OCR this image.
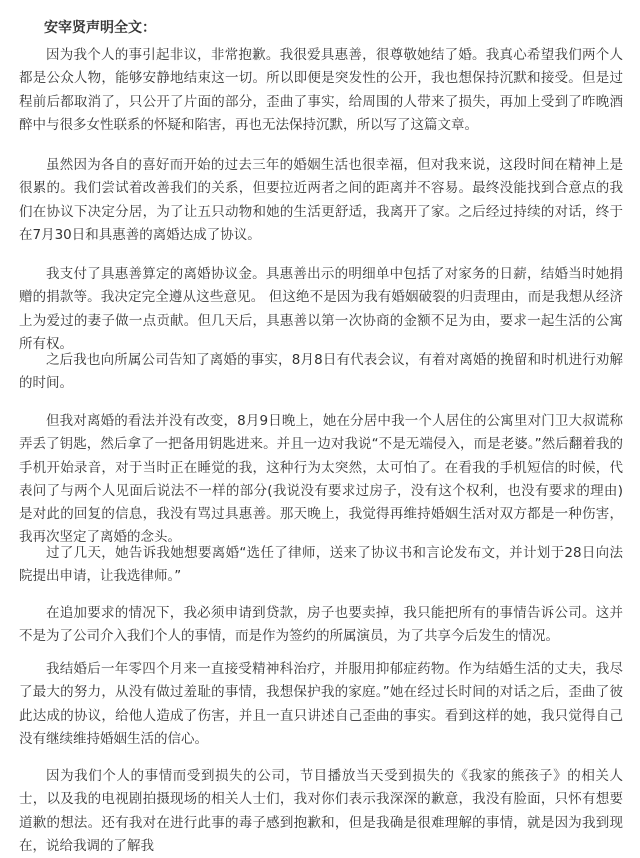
安宰贤声明全文：

因为我个人的事引起非议，非常抱歉。我很爱具惠善，很尊敬她结了婚。我真心希望我们两个人都是公众人物，能够安静地结束这一切。所以即便是突发性的公开，我也想保持沉默和接受。但是过程前后都取消了，只公开了片面的部分，歪曲了事实，给周围的人带来了损失，再加上受到了昨晚酒醉中与很多女性联系的怀疑和陷害，再也无法保持沉默，所以写了这篇文章。

虽然因为各自的喜好而开始的过去三年的婚姻生活也很幸福，但对我来说，这段时间在精神上是很累的。我们尝试着改善我们的关系，但要拉近两者之间的距离并不容易。最终没能找到合意点的我们在协议下决定分居，为了让五只动物和她的生活更舒适，我离开了家。之后经过持续的对话，终于在7月30日和具惠善的离婚达成了协议。

我支付了具惠善算定的离婚协议金。具惠善出示的明细单中包括了对家务的日薪，结婚当时她捐赠的捐款等。我决定完全遵从这些意见。 但这绝不是因为我有婚姻破裂的归责理由，而是我想从经济上为爱过的妻子做一点贡献。但几天后，具惠善以第一次协商的金额不足为由，要求一起生活的公寓所有权。

之后我也向所属公司告知了离婚的事实，8月8日有代表会议，有着对离婚的挽留和时机进行劝解的时间。

但我对离婚的看法并没有改变，8月9日晚上，她在分居中我一个人居住的公寓里对门卫大叔谎称弄丢了钥匙，然后拿了一把备用钥匙进来。并且一边对我说“不是无端侵入，而是老婆。”然后翻着我的手机开始录音，对于当时正在睡觉的我，这种行为太突然，太可怕了。在看我的手机短信的时候，代表问了与两个人见面后说法不一样的部分(我说没有要求过房子，没有这个权利，也没有要求的理由)是对此的回复的信息，我没有骂过具惠善。那天晚上，我觉得再维持婚姻生活对双方都是一种伤害，我再次坚定了离婚的念头。

过了几天，她告诉我她想要离婚“选任了律师，送来了协议书和言论发布文，并计划于28日向法院提出申请，让我选律师。”

在追加要求的情况下，我必须申请到贷款，房子也要卖掉，我只能把所有的事情告诉公司。这并不是为了公司介入我们个人的事情，而是作为签约的所属演员，为了共享今后发生的情况。

我结婚后一年零四个月来一直接受精神科治疗，并服用抑郁症药物。作为结婚生活的丈夫，我尽了最大的努力，从没有做过羞耻的事情，我想保护我的家庭。”她在经过长时间的对话之后，歪曲了彼此达成的协议，给他人造成了伤害，并且一直只讲述自己歪曲的事实。看到这样的她，我只觉得自己没有继续维持婚姻生活的信心。

因为我们个人的事情而受到损失的公司，节目播放当天受到损失的《我家的熊孩子》的相关人士，以及我的电视剧拍摄现场的相关人士们，我对你们表示我深深的歉意，我没有脸面，只怀有想要道歉的想法。还有我对在进行此事的毒子感到抱歉和，但是我确是很难理解的事情，就是因为我到现在，说给我调的了解我
